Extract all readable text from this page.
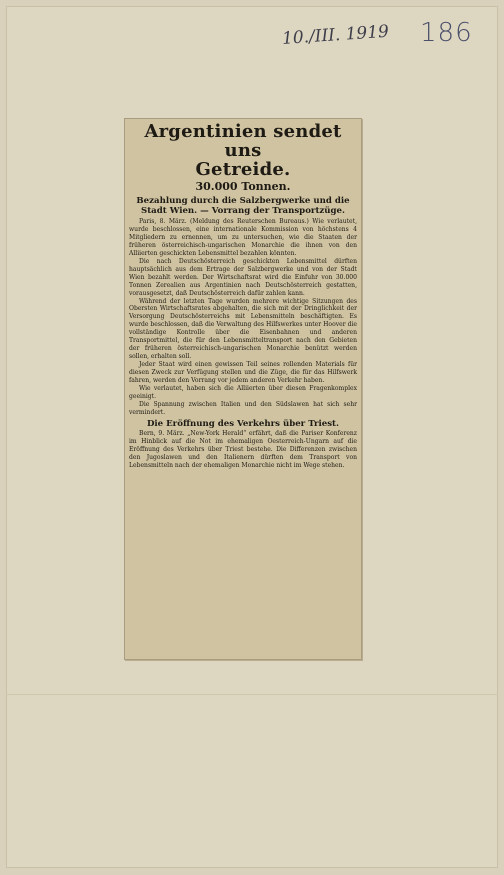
10./III. 1919 186
Argentinien sendet uns
Getreide.
30.000 Tonnen.
Bezahlung durch die Salzbergwerke und die
Stadt Wien. — Vorrang der Transportzüge.

Paris, 8. März. (Meldung des Reuterschen Bureaus.) Wie verlautet, wurde beschlossen, eine internationale Kommission von höchstens 4 Mitgliedern zu ernennen, um zu untersuchen, wie die Staaten der früheren österreichisch-ungarischen Monarchie die ihnen von den Alliierten geschickten Lebensmittel bezahlen könnten.

Die nach Deutschösterreich geschickten Lebensmittel dürften hauptsächlich aus dem Ertrage der Salzbergwerke und von der Stadt Wien bezahlt werden. Der Wirtschaftsrat wird die Einfuhr von 30.000 Tonnen Zerealien aus Argentinien nach Deutschösterreich gestatten, vorausgesetzt, daß Deutschösterreich dafür zahlen kann.

Während der letzten Tage wurden mehrere wichtige Sitzungen des Obersten Wirtschaftsrates abgehalten, die sich mit der Dringlichkeit der Versorgung Deutschösterreichs mit Lebensmitteln beschäftigten. Es wurde beschlossen, daß die Verwaltung des Hilfswerkes unter Hoover die vollständige Kontrolle über die Eisenbahnen und anderen Transportmittel, die für den Lebensmitteltransport nach den Gebieten der früheren österreichisch-ungarischen Monarchie benützt werden sollen, erhalten soll.

Jeder Staat wird einen gewissen Teil seines rollenden Materials für diesen Zweck zur Verfügung stellen und die Züge, die für das Hilfswerk fahren, werden den Vorrang vor jedem anderen Verkehr haben.

Wie verlautet, haben sich die Alliierten über diesen Fragenkomplex geeinigt.

Die Spannung zwischen Italien und den Südslawen hat sich sehr vermindert.

Die Eröffnung des Verkehrs über Triest.

Bern, 9. März. „New-York Herald“ erfährt, daß die Pariser Konferenz im Hinblick auf die Not im ehemaligen Oesterreich-Ungarn auf die Eröffnung des Verkehrs über Triest bestehe. Die Differenzen zwischen den Jugoslawen und den Italienern dürften dem Transport von Lebensmitteln nach der ehemaligen Monarchie nicht im Wege stehen.
